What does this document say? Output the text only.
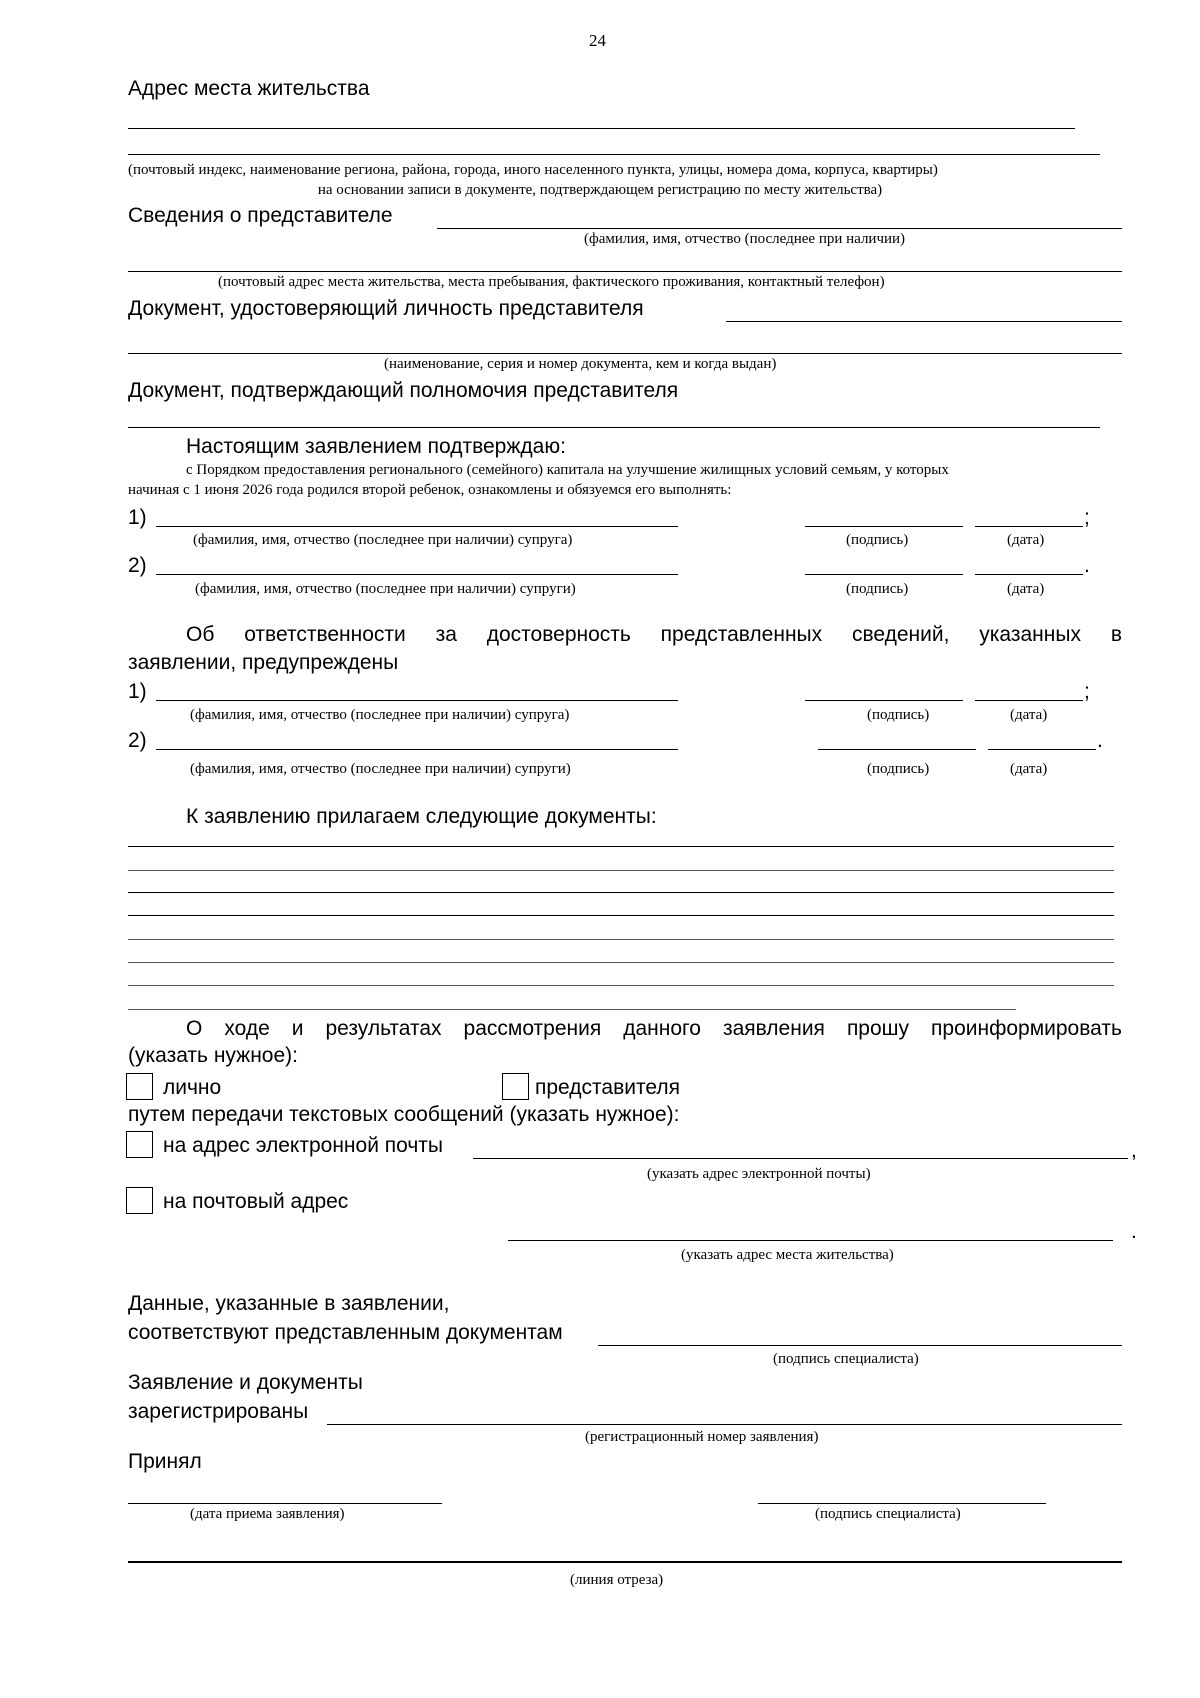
24
Адрес места жительства
(почтовый индекс, наименование региона, района, города, иного населенного пункта, улицы, номера дома, корпуса, квартиры)
на основании записи в документе, подтверждающем регистрацию по месту жительства)
Сведения о представителе
(фамилия, имя, отчество (последнее при наличии)
(почтовый адрес места жительства, места пребывания, фактического проживания, контактный телефон)
Документ, удостоверяющий личность представителя
(наименование, серия и номер документа, кем и когда выдан)
Документ, подтверждающий полномочия представителя
Настоящим заявлением подтверждаю:
с Порядком предоставления регионального (семейного) капитала на улучшение жилищных условий семьям, у которых
начиная с 1 июня 2026 года родился второй ребенок, ознакомлены и обязуемся его выполнять:
1)	;
(фамилия, имя, отчество (последнее при наличии) супруга)	(подпись)	(дата)
2)	.
(фамилия, имя, отчество (последнее при наличии) супруги)	(подпись)	(дата)
Об ответственности за достоверность представленных сведений, указанных в
заявлении, предупреждены
1)	;
(фамилия, имя, отчество (последнее при наличии) супруга)	(подпись)	(дата)
2)	.
(фамилия, имя, отчество (последнее при наличии) супруги)	(подпись)	(дата)
К заявлению прилагаем следующие документы:
О ходе и результатах рассмотрения данного заявления прошу проинформировать
(указать нужное):
лично	представителя
путем передачи текстовых сообщений (указать нужное):
на адрес электронной почты	,
(указать адрес электронной почты)
на почтовый адрес
.
(указать адрес места жительства)
Данные, указанные в заявлении,
соответствуют представленным документам
(подпись специалиста)
Заявление и документы
зарегистрированы
(регистрационный номер заявления)
Принял
(дата приема заявления)	(подпись специалиста)
(линия отреза)
